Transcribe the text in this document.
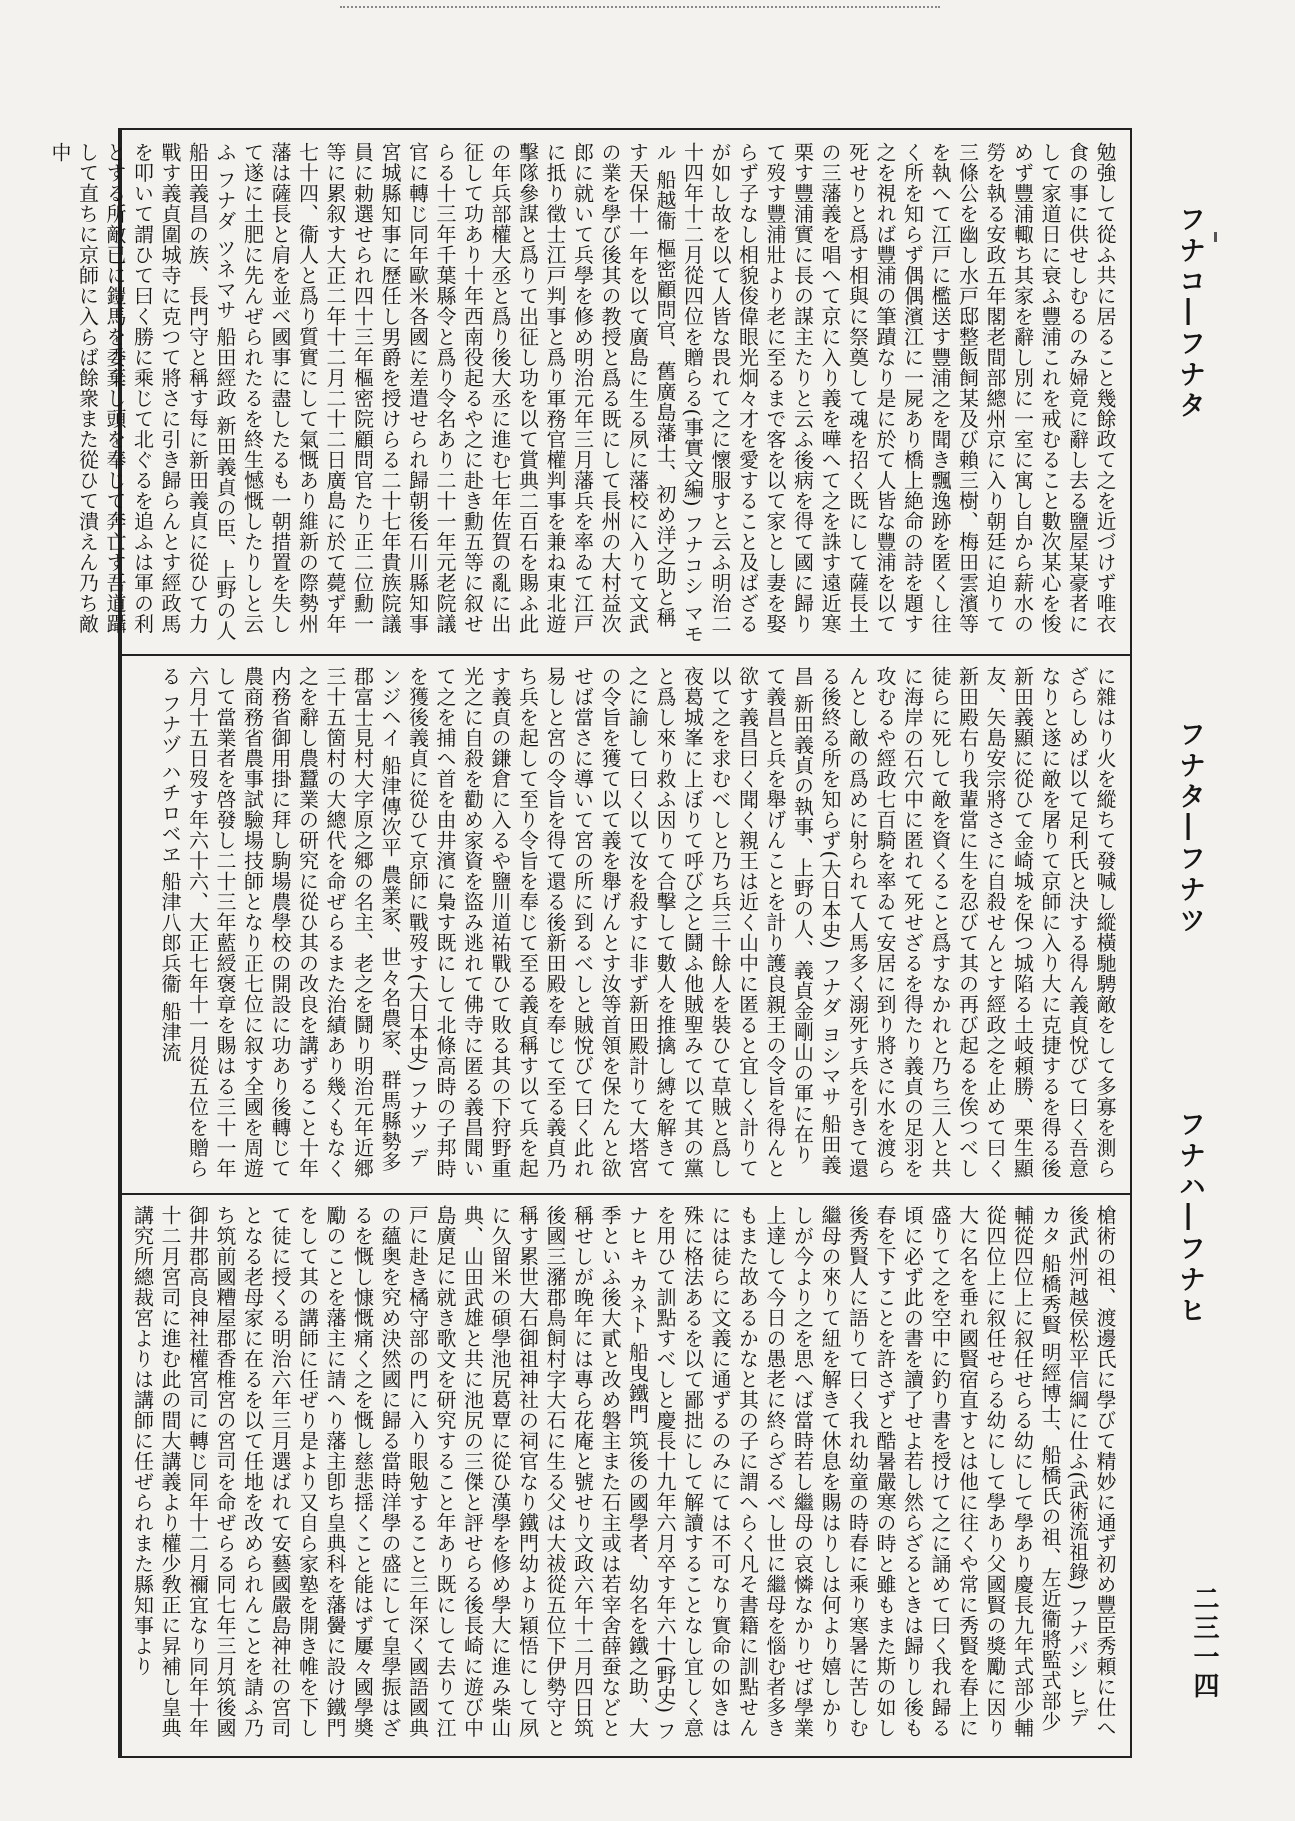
フナコ―フナタ
フナタ―フナツ
フナハ―フナヒ
二三一四
勉強して從ふ共に居ること幾餘政て之を近づけず唯衣食の事に供せしむるのみ婦竟に辭し去る鹽屋某豪者にして家道日に衰ふ豐浦これを戒むること數次某心を悛めず豐浦輙ち其家を辭し別に一室に寓し自から薪水の勞を執る安政五年閣老間部總州京に入り朝廷に迫りて三條公を幽し水戸邸整飯飼某及び賴三樹、梅田雲濱等を執へて江戸に檻送す豐浦之を聞き飄逸跡を匿くし往く所を知らず偶偶濱江に一屍あり橋上絶命の詩を題す之を視れば豐浦の筆蹟なり是に於て人皆な豐浦を以て死せりと爲す相與に祭奠して魂を招く既にして薩長土の三藩義を唱へて京に入り義を嘩へて之を誅す遠近寒栗す豐浦實に長の謀主たりと云ふ後病を得て國に歸りて歿す豐浦壯より老に至るまで客を以て家とし妻を娶らず子なし相貌俊偉眼光炯々才を愛すること及ばざるが如し故を以て人皆な畏れて之に懷服すと云ふ明治二十四年十二月從四位を贈らる(事實文編) フナコシ マモル 船越衞 樞密顧問官、舊廣島藩士、初め洋之助と稱す天保十一年を以て廣島に生る夙に藩校に入りて文武の業を學び後其の教授と爲る既にして長州の大村益次郎に就いて兵學を修め明治元年三月藩兵を率ゐて江戸に抵り徵士江戸判事と爲り軍務官權判事を兼ね東北遊擊隊參謀と爲りて出征し功を以て賞典二百石を賜ふ此の年兵部權大丞と爲り後大丞に進む七年佐賀の亂に出征して功あり十年西南役起るや之に赴き勳五等に叙せらる十三年千葉縣令と爲り令名あり二十一年元老院議官に轉じ同年歐米各國に差遣せられ歸朝後石川縣知事宮城縣知事に歷任し男爵を授けらる二十七年貴族院議員に勅選せられ四十三年樞密院顧問官たり正二位勳一等に累叙す大正二年十二月二十二日廣島に於て薨ず年七十四、衞人と爲り質實にして氣慨あり維新の際勢州藩は薩長と肩を並べ國事に盡したるも一朝措置を失して遂に土肥に先んぜられたるを終生憾慨したりしと云ふ フナダ ツネマサ 船田經政 新田義貞の臣、上野の人船田義昌の族、長門守と稱す每に新田義貞に從ひて力戰す義貞圍城寺に克つて將さに引き歸らんとす經政馬を叩いて謂ひて曰く勝に乘じて北ぐるを追ふは軍の利とする所敵已に鎧馬を委棄し頭を奉じて奔亡す吾道躡して直ちに京師に入らば餘衆また從ひて潰えん乃ち敵中
に雜はり火を縱ちて發喊し縱橫馳騁敵をして多寡を測らざらしめば以て足利氏と決する得ん義貞悅びて曰く吾意なりと遂に敵を屠りて京師に入り大に克捷するを得る後新田義顯に從ひて金崎城を保つ城陷る土岐頼勝、栗生顯友、矢島安宗將ささに自殺せんとす經政之を止めて曰く新田殿右り我輩當に生を忍びて其の再び起るを俟つべし徒らに死して敵を資くること爲すなかれと乃ち三人と共に海岸の石穴中に匿れて死せざるを得たり義貞の足羽を攻むるや經政七百騎を率ゐて安居に到り將さに水を渡らんとし敵の爲めに射られて人馬多く溺死す兵を引きて還る後終る所を知らず(大日本史) フナダ ヨシマサ 船田義昌 新田義貞の執事、上野の人、義貞金剛山の軍に在りて義昌と兵を舉げんことを計り護良親王の令旨を得んと欲す義昌曰く聞く親王は近く山中に匿ると宜しく計りて以て之を求むべしと乃ち兵三十餘人を裝ひて草賊と爲し夜葛城峯に上ぼりて呼び之と鬪ふ他賊聖みて以て其の黨と爲し來り救ふ因りて合擊して數人を推擒し縛を解きて之に諭して曰く以て汝を殺すに非ず新田殿計りて大塔宮の令旨を獲て以て義を舉げんとす汝等首領を保たんと欲せば當さに導いて宮の所に到るべしと賊悅びて曰く此れ易しと宮の令旨を得て還る後新田殿を奉じて至る義貞乃ち兵を起して至り令旨を奉じて至る義貞稱す以て兵を起す義貞の鎌倉に入るや鹽川道祐戰ひて敗る其の下狩野重光之に自殺を勸め家資を盜み逃れて佛寺に匿る義昌聞いて之を捕へ首を由井濱に梟す既にして北條高時の子邦時を獲後義貞に從ひて京師に戰歿す(大日本史) フナツ デンジヘイ 船津傳次平 農業家、世々名農家、群馬縣勢多郡富士見村大字原之郷の名主、老之を鬪り明治元年近郷三十五箇村の大總代を命ぜらるまた治績あり幾くもなく之を辭し農蠶業の研究に從ひ其の改良を講ずること十年内務省御用掛に拜し駒場農學校の開設に功あり後轉じて農商務省農事試驗場技師となり正七位に叙す全國を周遊して當業者を啓發し二十三年藍綬褒章を賜はる三十一年六月十五日歿す年六十六、大正七年十一月從五位を贈らる フナヅ ハチロベヱ 船津八郎兵衞 船津流
槍術の祖、渡邊氏に學びて精妙に通ず初め豐臣秀頼に仕へ後武州河越侯松平信綱に仕ふ(武術流祖錄) フナバシ ヒデカタ 船橋秀賢 明經博士、船橋氏の祖、左近衞將監式部少輔從四位上に叙任せらる幼にして學あり慶長九年式部少輔從四位上に叙任せらる幼にして學あり父國賢の獎勵に因り大に名を垂れ國賢宿直すとは他に往くや常に秀賢を春上に盛りて之を空中に釣り書を授けて之に誦めて曰く我れ歸る頃に必ず此の書を讀了せよ若し然らざるときは歸りし後も春を下すことを許さずと酷暑嚴寒の時と雖もまた斯の如し後秀賢人に語りて曰く我れ幼童の時春に乘り寒暑に苦しむ繼母の來りて紐を解きて休息を賜はりしは何より嬉しかりしが今より之を思へば當時若し繼母の哀憐なかりせば學業上達して今日の愚老に終らざるべし世に繼母を惱む者多きもまた故あるかなと其の子に謂へらく凡そ書籍に訓點せんには徒らに文義に通ずるのみにては不可なり實命の如きは殊に格法あるを以て鄙拙にして解讀することなし宜しく意を用ひて訓點すべしと慶長十九年六月卒す年六十(野史) フナヒキ カネト 船曳鐵門 筑後の國學者、幼名を鐵之助、大季といふ後大貳と改め磐主また石主或は若宰舍薛蚕などと稱せしが晚年には專ら花庵と號せり文政六年十二月四日筑後國三瀦郡鳥飼村字大石に生る父は大祓從五位下伊勢守と稱す累世大石御祖神社の祠官なり鐵門幼より穎悟にして夙に久留米の碩學池尻葛覃に從ひ漢學を修め學大に進み柴山典、山田武雄と共に池尻の三傑と評せらる後長崎に遊び中島廣足に就き歌文を研究すること年あり既にして去りて江戸に赴き橘守部の門に入り眼勉すること三年深く國語國典の蘊奥を究め決然國に歸る當時洋學の盛にして皇學振はざるを慨し慷慨痛く之を慨し慈悲揺くこと能はず屢々國學奬勵のことを藩主に請へり藩主卽ち皇典科を藩黌に設け鐵門をして其の講師に任ぜり是より又自ら家塾を開き帷を下して徒に授くる明治六年三月選ばれて安藝國嚴島神社の宮司となる老母家に在るを以て任地を改められんことを請ふ乃ち筑前國糟屋郡香椎宮の宮司を命ぜらる同七年三月筑後國御井郡高良神社權宮司に轉じ同年十二月禰宜なり同年十年十二月宮司に進む此の間大講義より權少敎正に昇補し皇典講究所總裁宮よりは講師に任ぜられまた縣知事より
